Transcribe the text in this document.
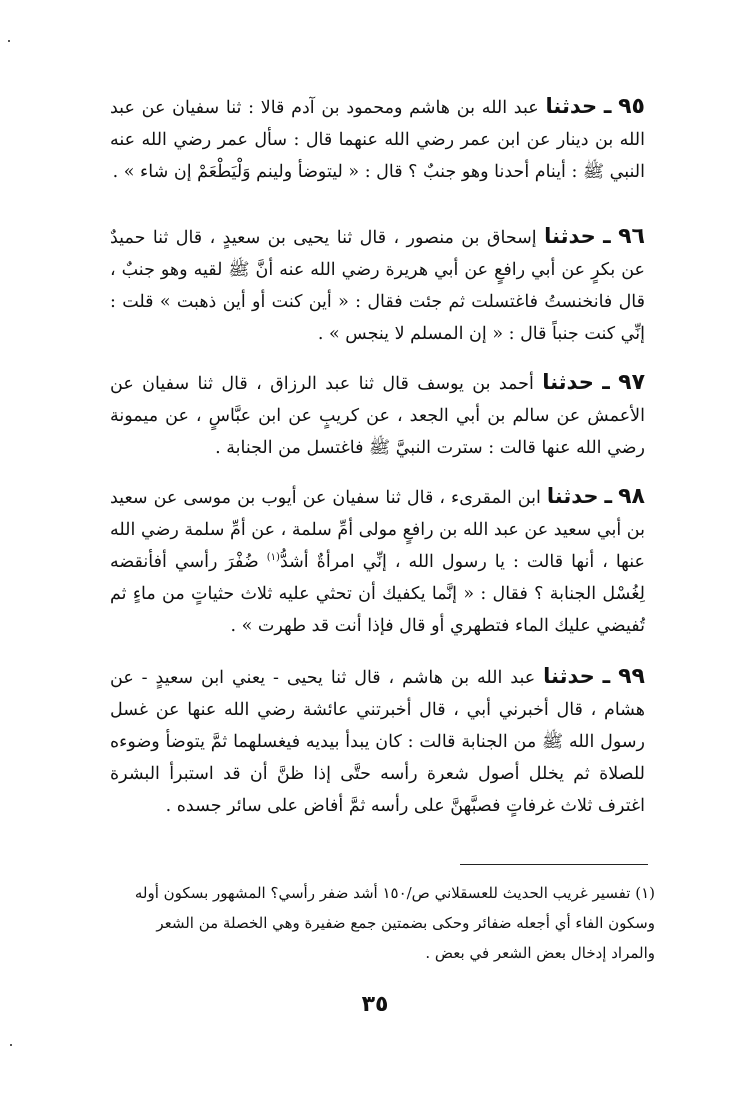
٩٥ ـ حدثنا عبد الله بن هاشم ومحمود بن آدم قالا : ثنا سفيان عن عبد الله بن دينار عن ابن عمر رضي الله عنهما قال : سأل عمر رضي الله عنه النبي ﷺ : أينام أحدنا وهو جنبٌ ؟ قال : « ليتوضأ ولينم وَلْيَطْعَمْ إن شاء » .

٩٦ ـ حدثنا إسحاق بن منصور ، قال ثنا يحيى بن سعيدٍ ، قال ثنا حميدٌ عن بكرٍ عن أبي رافعٍ عن أبي هريرة رضي الله عنه أنَّ ﷺ لقيه وهو جنبٌ ، قال فانخنستُ فاغتسلت ثم جئت فقال : « أين كنت أو أين ذهبت » قلت : إنِّي كنت جنباً قال : « إن المسلم لا ينجس » .

٩٧ ـ حدثنا أحمد بن يوسف قال ثنا عبد الرزاق ، قال ثنا سفيان عن الأعمش عن سالم بن أبي الجعد ، عن كريبٍ عن ابن عبَّاسٍ ، عن ميمونة رضي الله عنها قالت : سترت النبيَّ ﷺ فاغتسل من الجنابة .

٩٨ ـ حدثنا ابن المقرىء ، قال ثنا سفيان عن أيوب بن موسى عن سعيد بن أبي سعيد عن عبد الله بن رافعٍ مولى أمِّ سلمة ، عن أمِّ سلمة رضي الله عنها ، أنها قالت : يا رسول الله ، إنِّي امرأةٌ أشدُّ$^{(١)}$ ضُفْرَ رأسي أفأنقضه لِغُسْل الجنابة ؟ فقال : « إنَّما يكفيك أن تحثي عليه ثلاث حثياتٍ من ماءٍ ثم تُفيضي عليك الماء فتطهري أو قال فإذا أنت قد طهرت » .

٩٩ ـ حدثنا عبد الله بن هاشم ، قال ثنا يحيى - يعني ابن سعيدٍ - عن هشام ، قال أخبرني أبي ، قال أخبرتني عائشة رضي الله عنها عن غسل رسول الله ﷺ من الجنابة قالت : كان يبدأ بيديه فيغسلهما ثمَّ يتوضأ وضوءه للصلاة ثم يخلل أصول شعرة رأسه حتَّى إذا ظنَّ أن قد استبرأ البشرة اغترف ثلاث غرفاتٍ فصبَّهنَّ على رأسه ثمَّ أفاض على سائر جسده .

(١) تفسير غريب الحديث للعسقلاني ص/١٥٠ أشد ضفر رأسي؟ المشهور بسكون أوله وسكون الفاء أي أجعله ضفائر وحكى بضمتين جمع ضفيرة وهي الخصلة من الشعر والمراد إدخال بعض الشعر في بعض .
٣٥
